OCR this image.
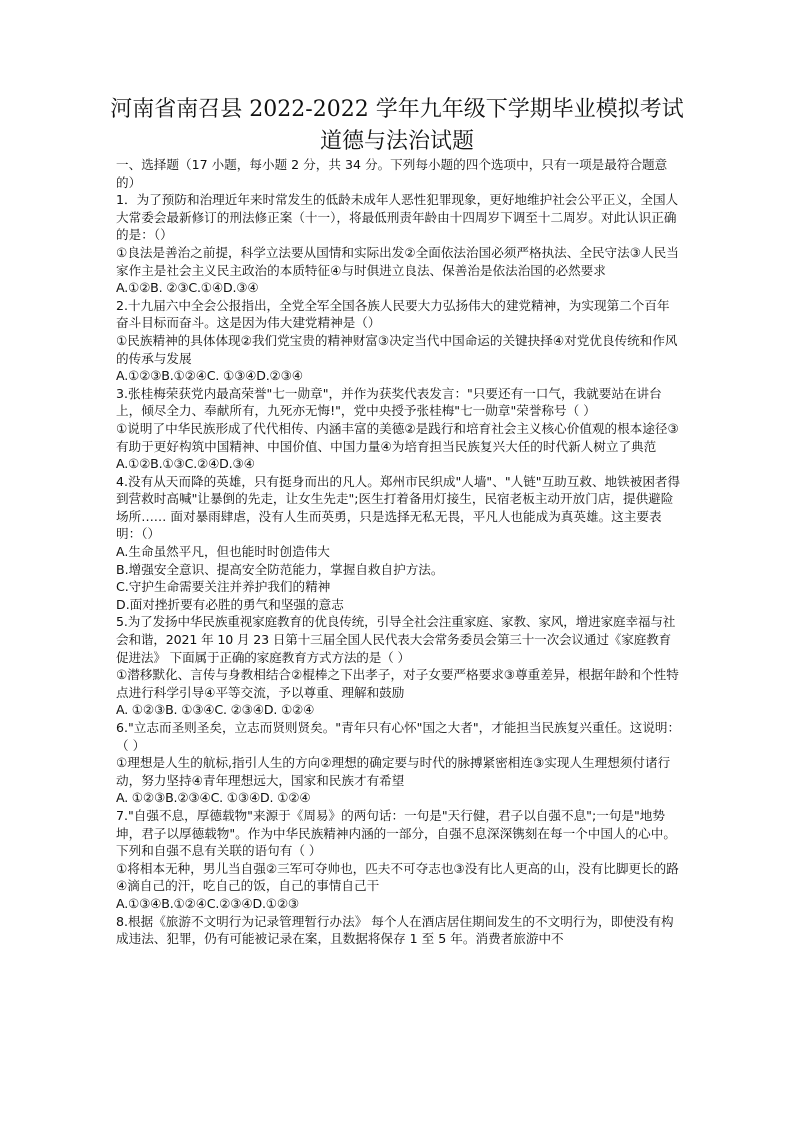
河南省南召县 2022-2022 学年九年级下学期毕业模拟考试
道德与法治试题

一、选择题（17 小题，每小题 2 分，共 34 分。下列每小题的四个选项中，只有一项是最符合题意的）

1．为了预防和治理近年来时常发生的低龄未成年人恶性犯罪现象，更好地维护社会公平正义，全国人大常委会最新修订的刑法修正案（十一），将最低刑责年龄由十四周岁下调至十二周岁。对此认识正确的是：（）

①良法是善治之前提，科学立法要从国情和实际出发②全面依法治国必须严格执法、全民守法③人民当家作主是社会主义民主政治的本质特征④与时俱进立良法、保善治是依法治国的必然要求

A.①②B. ②③C.①④D.③④

2.十九届六中全会公报指出，全党全军全国各族人民要大力弘扬伟大的建党精神，为实现第二个百年奋斗目标而奋斗。这是因为伟大建党精神是（）

①民族精神的具体体现②我们党宝贵的精神财富③决定当代中国命运的关键抉择④对党优良传统和作风的传承与发展

A.①②③B.①②④C. ①③④D.②③④

3.张桂梅荣获党内最高荣誉"七一勋章"，并作为获奖代表发言："只要还有一口气，我就要站在讲台上，倾尽全力、奉献所有，九死亦无悔!"，党中央授予张桂梅"七一勋章"荣誉称号（ ）

①说明了中华民族形成了代代相传、内涵丰富的美德②是践行和培育社会主义核心价值观的根本途径③有助于更好构筑中国精神、中国价值、中国力量④为培育担当民族复兴大任的时代新人树立了典范

A.①②B.①③C.②④D.③④

4.没有从天而降的英雄，只有挺身而出的凡人。郑州市民织成"人墙"、"人链"互助互救、地铁被困者得到营救时高喊"让暴倒的先走，让女生先走";医生打着备用灯接生，民宿老板主动开放门店，提供避险场所…… 面对暴雨肆虐，没有人生而英勇，只是选择无私无畏，平凡人也能成为真英雄。这主要表明：（）

A.生命虽然平凡，但也能时时创造伟大
B.增强安全意识、提高安全防范能力，掌握自救自护方法。
C.守护生命需要关注并养护我们的精神
D.面对挫折要有必胜的勇气和坚强的意志

5.为了发扬中华民族重视家庭教育的优良传统，引导全社会注重家庭、家教、家风，增进家庭幸福与社会和谐，2021 年 10 月 23 日第十三届全国人民代表大会常务委员会第三十一次会议通过《家庭教育促进法》 下面属于正确的家庭教育方式方法的是（ ）

①潜移默化、言传与身教相结合②棍棒之下出孝子，对子女要严格要求③尊重差异，根据年龄和个性特点进行科学引导④平等交流，予以尊重、理解和鼓励

A. ①②③B. ①③④C. ②③④D. ①②④

6."立志而圣则圣矣，立志而贤则贤矣。"青年只有心怀"国之大者"，才能担当民族复兴重任。这说明：（ ）

①理想是人生的航标,指引人生的方向②理想的确定要与时代的脉搏紧密相连③实现人生理想须付诸行动，努力坚持④青年理想远大，国家和民族才有希望

A. ①②③B.②③④C. ①③④D. ①②④

7."自强不息，厚德载物"来源于《周易》的两句话：一句是"天行健，君子以自强不息";一句是"地势坤，君子以厚德载物"。作为中华民族精神内涵的一部分，自强不息深深镌刻在每一个中国人的心中。 下列和自强不息有关联的语句有（ ）

①将相本无种，男儿当自强②三军可夺帅也，匹夫不可夺志也③没有比人更高的山，没有比脚更长的路④滴自己的汗，吃自己的饭，自己的事情自己干

A.①③④B.①②④C.②③④D.①②③

8.根据《旅游不文明行为记录管理暂行办法》 每个人在酒店居住期间发生的不文明行为，即使没有构成违法、犯罪，仍有可能被记录在案，且数据将保存 1 至 5 年。消费者旅游中不
